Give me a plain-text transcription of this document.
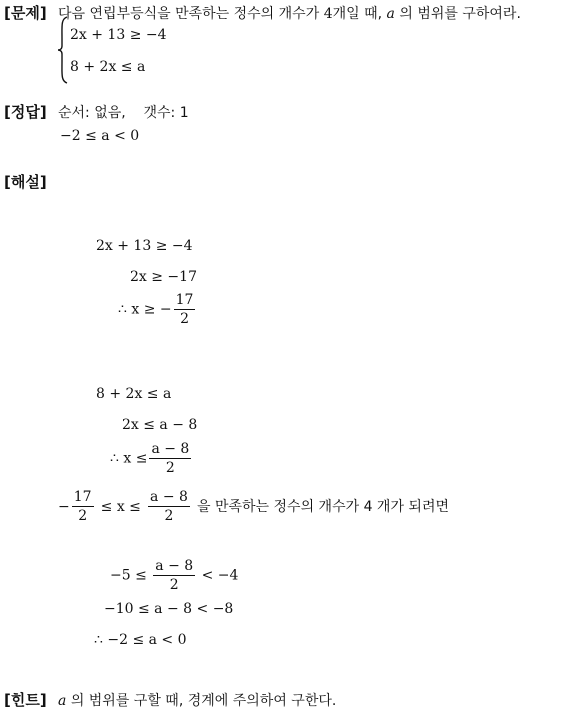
[문제] 다음 연립부등식을 만족하는 정수의 개수가 4개일 때, a 의 범위를 구하여라.
2x + 13 ≥ −4
8 + 2x ≤ a
[정답] 순서: 없음,    갯수: 1
−2 ≤ a < 0
[해설]
2x + 13 ≥ −4
2x ≥ −17
∴ x ≥ − $\frac{17}{2}$
8 + 2x ≤ a
2x ≤ a − 8
∴ $x \le \frac{a - 8}{2}$
− $\frac{17}{2} \le x \le \frac{a - 8}{2}$ 을 만족하는 정수의 개수가 4 개가 되려면
$-5 \le \frac{a - 8}{2} < -4$
−10 ≤ a − 8 < −8
∴ −2 ≤ a < 0
[힌트] a 의 범위를 구할 때, 경계에 주의하여 구한다.
